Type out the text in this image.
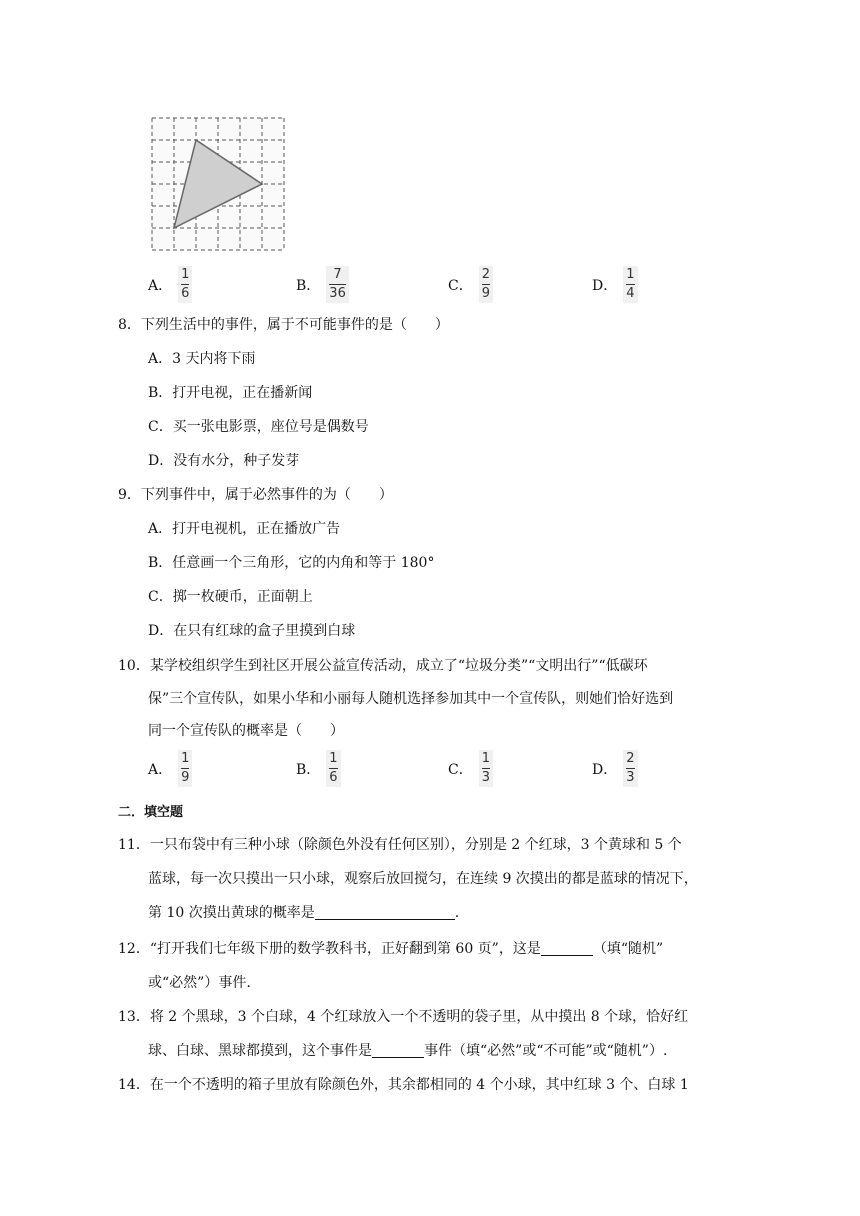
A． $\frac{1}{6}$	B． $\frac{7}{36}$	C． $\frac{2}{9}$	D． $\frac{1}{4}$
8．下列生活中的事件，属于不可能事件的是（　　）
A．3 天内将下雨
B．打开电视，正在播新闻
C．买一张电影票，座位号是偶数号
D．没有水分，种子发芽
9．下列事件中，属于必然事件的为（　　）
A．打开电视机，正在播放广告
B．任意画一个三角形，它的内角和等于 180°
C．掷一枚硬币，正面朝上
D．在只有红球的盒子里摸到白球
10．某学校组织学生到社区开展公益宣传活动，成立了“垃圾分类”“文明出行”“低碳环
保”三个宣传队，如果小华和小丽每人随机选择参加其中一个宣传队，则她们恰好选到
同一个宣传队的概率是（　　）
A． $\frac{1}{9}$	B． $\frac{1}{6}$	C． $\frac{1}{3}$	D． $\frac{2}{3}$
二．填空题
11．一只布袋中有三种小球（除颜色外没有任何区别），分别是 2 个红球，3 个黄球和 5 个
蓝球，每一次只摸出一只小球，观察后放回搅匀，在连续 9 次摸出的都是蓝球的情况下，
第 10 次摸出黄球的概率是	.
12．“打开我们七年级下册的数学教科书，正好翻到第 60 页”，这是	（填“随机”
或“必然”）事件.
13．将 2 个黑球，3 个白球，4 个红球放入一个不透明的袋子里，从中摸出 8 个球，恰好红
球、白球、黑球都摸到，这个事件是	事件（填“必然”或“不可能”或“随机”）.
14．在一个不透明的箱子里放有除颜色外，其余都相同的 4 个小球，其中红球 3 个、白球 1
